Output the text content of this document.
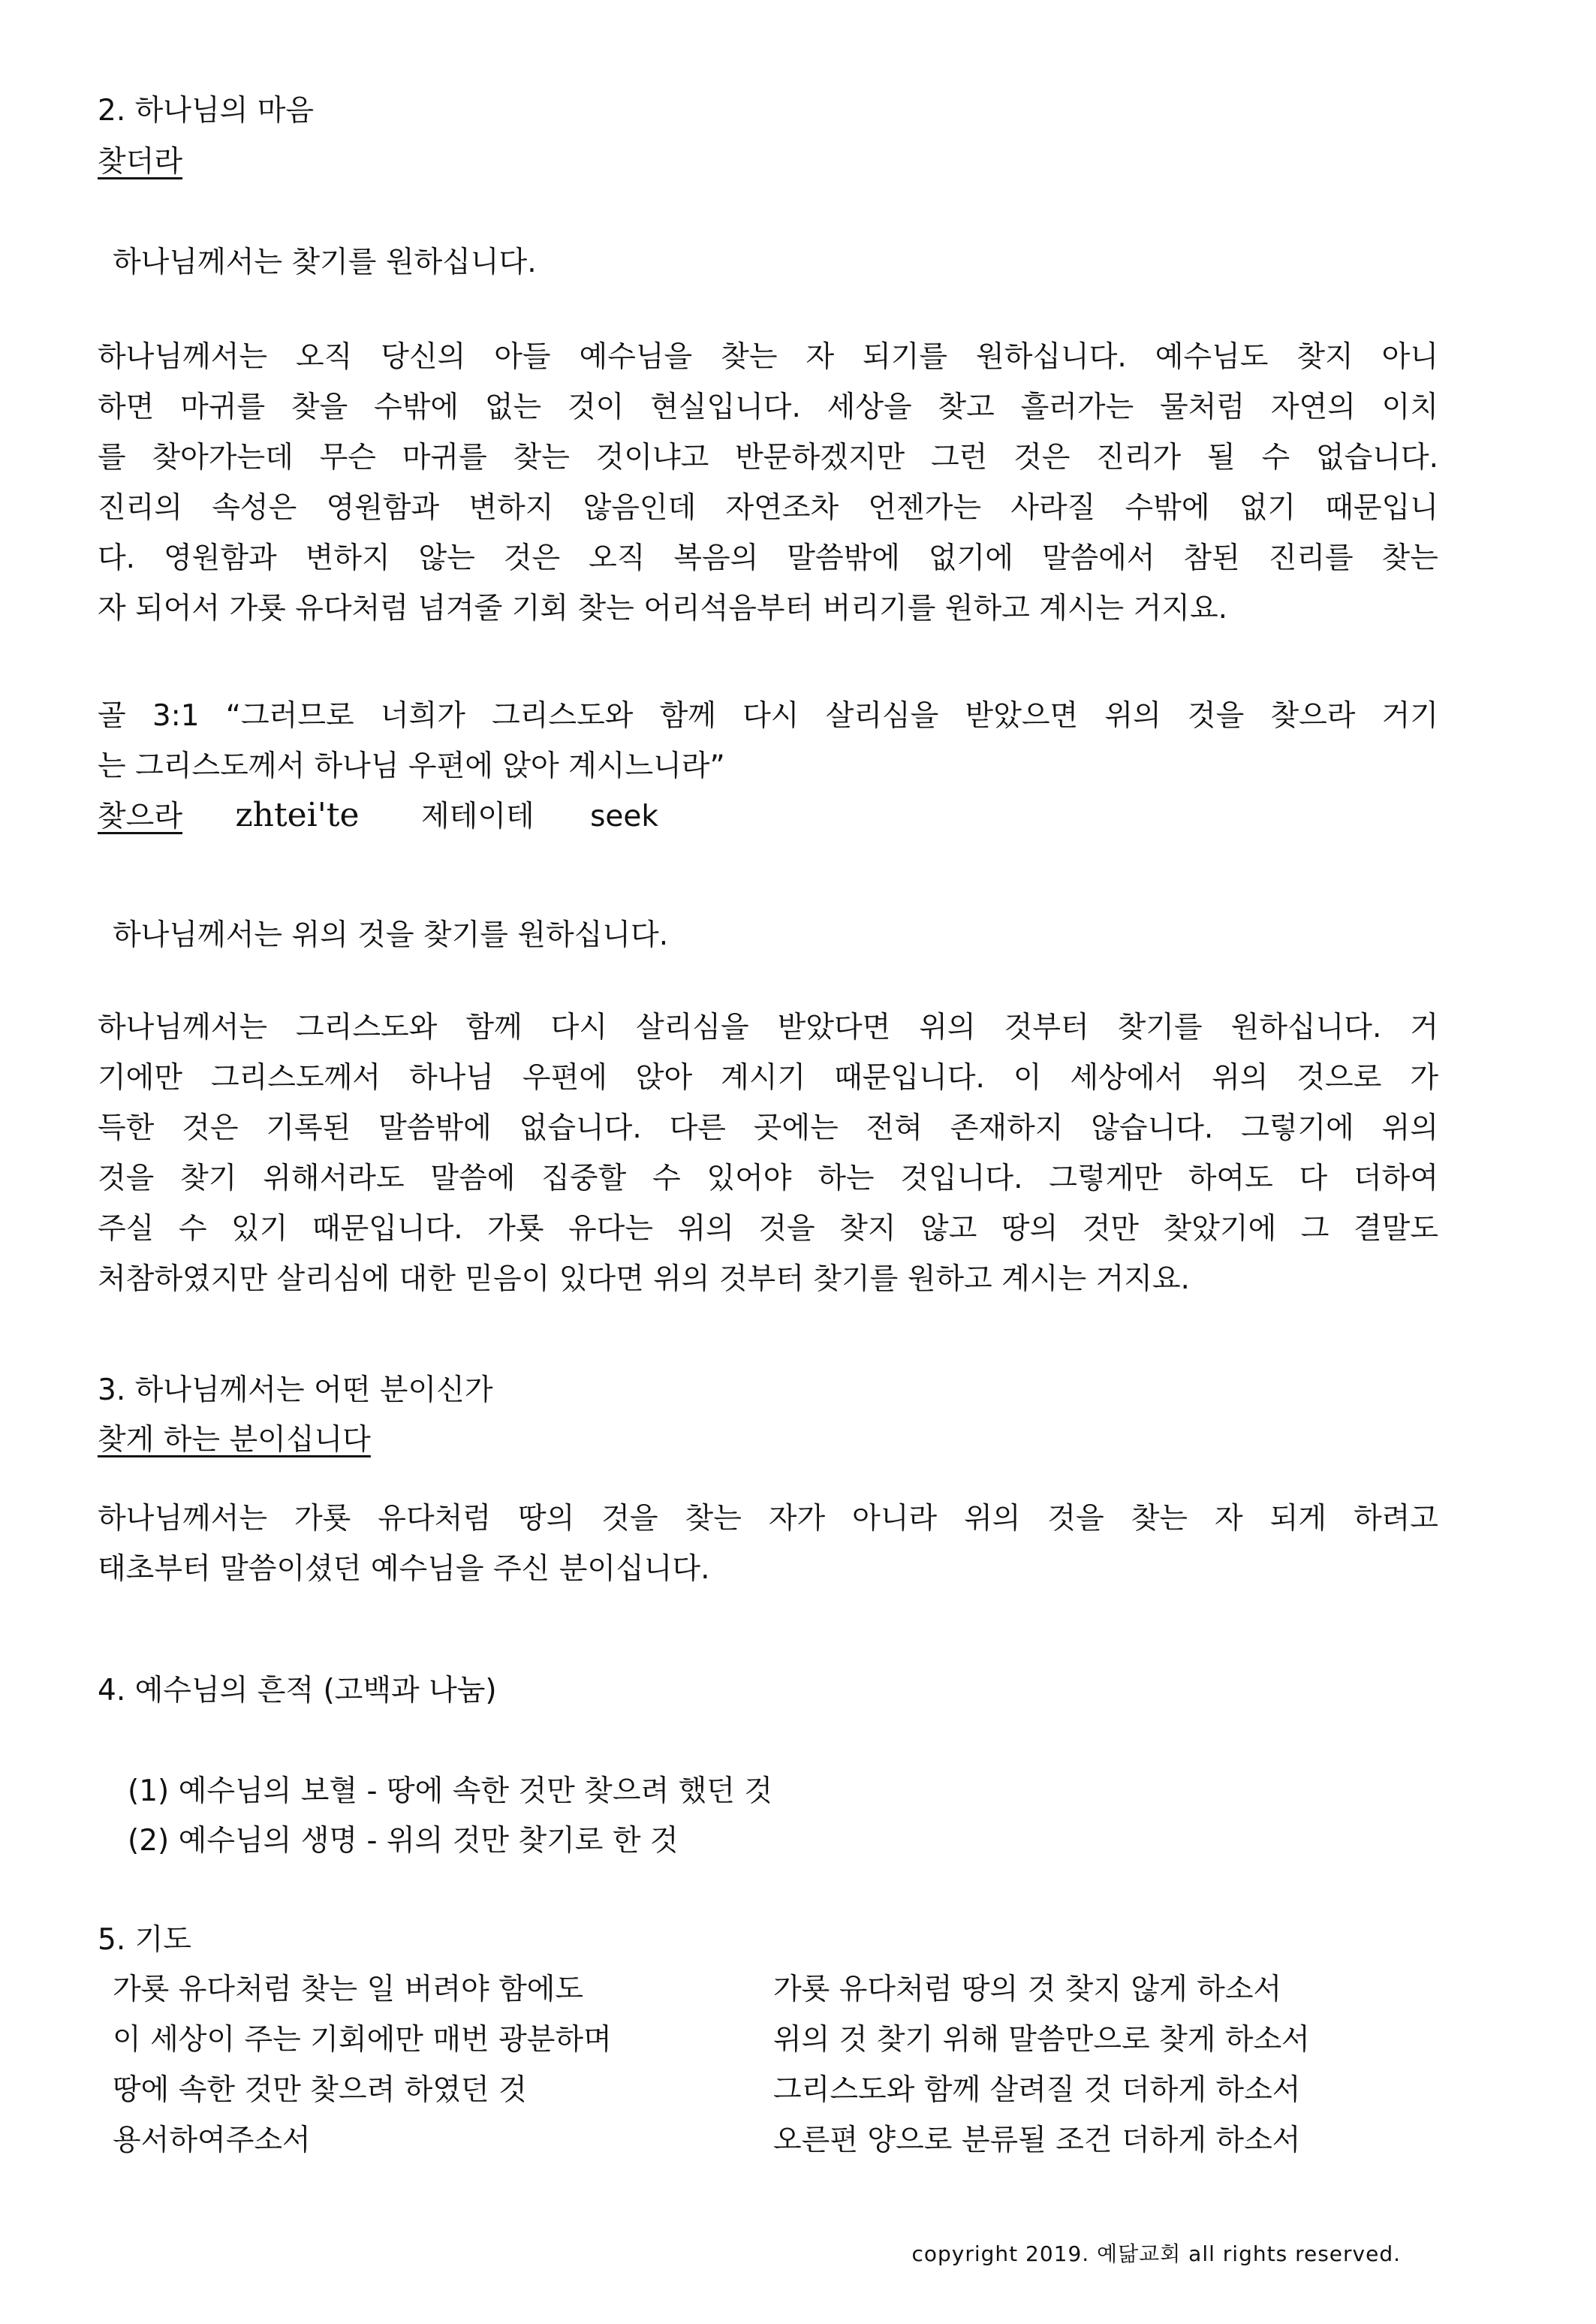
2. 하나님의 마음
찾더라
하나님께서는 찾기를 원하십니다.
하나님께서는 오직 당신의 아들 예수님을 찾는 자 되기를 원하십니다. 예수님도 찾지 아니
하면 마귀를 찾을 수밖에 없는 것이 현실입니다. 세상을 찾고 흘러가는 물처럼 자연의 이치
를 찾아가는데 무슨 마귀를 찾는 것이냐고 반문하겠지만 그런 것은 진리가 될 수 없습니다.
진리의 속성은 영원함과 변하지 않음인데 자연조차 언젠가는 사라질 수밖에 없기 때문입니
다. 영원함과 변하지 않는 것은 오직 복음의 말씀밖에 없기에 말씀에서 참된 진리를 찾는
자 되어서 가룟 유다처럼 넘겨줄 기회 찾는 어리석음부터 버리기를 원하고 계시는 거지요.
골 3:1 “그러므로 너희가 그리스도와 함께 다시 살리심을 받았으면 위의 것을 찾으라 거기
는 그리스도께서 하나님 우편에 앉아 계시느니라”
찾으라 zhtei'te 제테이테 seek
하나님께서는 위의 것을 찾기를 원하십니다.
하나님께서는 그리스도와 함께 다시 살리심을 받았다면 위의 것부터 찾기를 원하십니다. 거
기에만 그리스도께서 하나님 우편에 앉아 계시기 때문입니다. 이 세상에서 위의 것으로 가
득한 것은 기록된 말씀밖에 없습니다. 다른 곳에는 전혀 존재하지 않습니다. 그렇기에 위의
것을 찾기 위해서라도 말씀에 집중할 수 있어야 하는 것입니다. 그렇게만 하여도 다 더하여
주실 수 있기 때문입니다. 가룟 유다는 위의 것을 찾지 않고 땅의 것만 찾았기에 그 결말도
처참하였지만 살리심에 대한 믿음이 있다면 위의 것부터 찾기를 원하고 계시는 거지요.
3. 하나님께서는 어떤 분이신가
찾게 하는 분이십니다
하나님께서는 가룟 유다처럼 땅의 것을 찾는 자가 아니라 위의 것을 찾는 자 되게 하려고
태초부터 말씀이셨던 예수님을 주신 분이십니다.
4. 예수님의 흔적 (고백과 나눔)
(1) 예수님의 보혈 - 땅에 속한 것만 찾으려 했던 것
(2) 예수님의 생명 - 위의 것만 찾기로 한 것
5. 기도
가룟 유다처럼 찾는 일 버려야 함에도
이 세상이 주는 기회에만 매번 광분하며
땅에 속한 것만 찾으려 하였던 것
용서하여주소서
가룟 유다처럼 땅의 것 찾지 않게 하소서
위의 것 찾기 위해 말씀만으로 찾게 하소서
그리스도와 함께 살려질 것 더하게 하소서
오른편 양으로 분류될 조건 더하게 하소서
copyright 2019. 예닮교회 all rights reserved.
